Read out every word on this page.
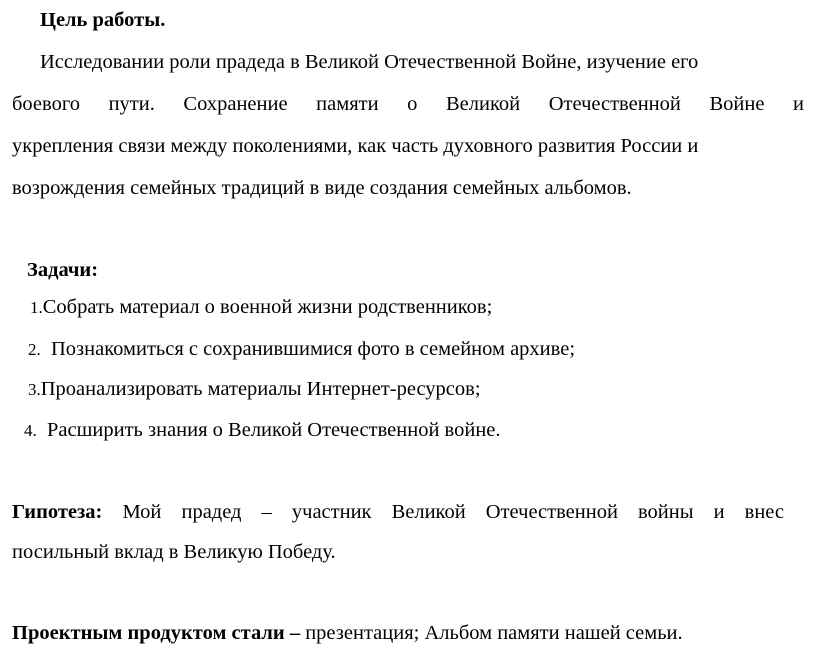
Цель работы.
Исследовании роли прадеда в Великой Отечественной Войне, изучение его
боевого пути. Сохранение памяти о Великой Отечественной Войне и
укрепления связи между поколениями, как часть духовного развития России и
возрождения семейных традиций в виде создания семейных альбомов.
Задачи:
1.Собрать материал о военной жизни родственников;
2. Познакомиться с сохранившимися фото в семейном архиве;
3.Проанализировать материалы Интернет-ресурсов;
4. Расширить знания о Великой Отечественной войне.
Гипотеза: Мой прадед – участник Великой Отечественной войны и внес
посильный вклад в Великую Победу.
Проектным продуктом стали – презентация; Альбом памяти нашей семьи.
